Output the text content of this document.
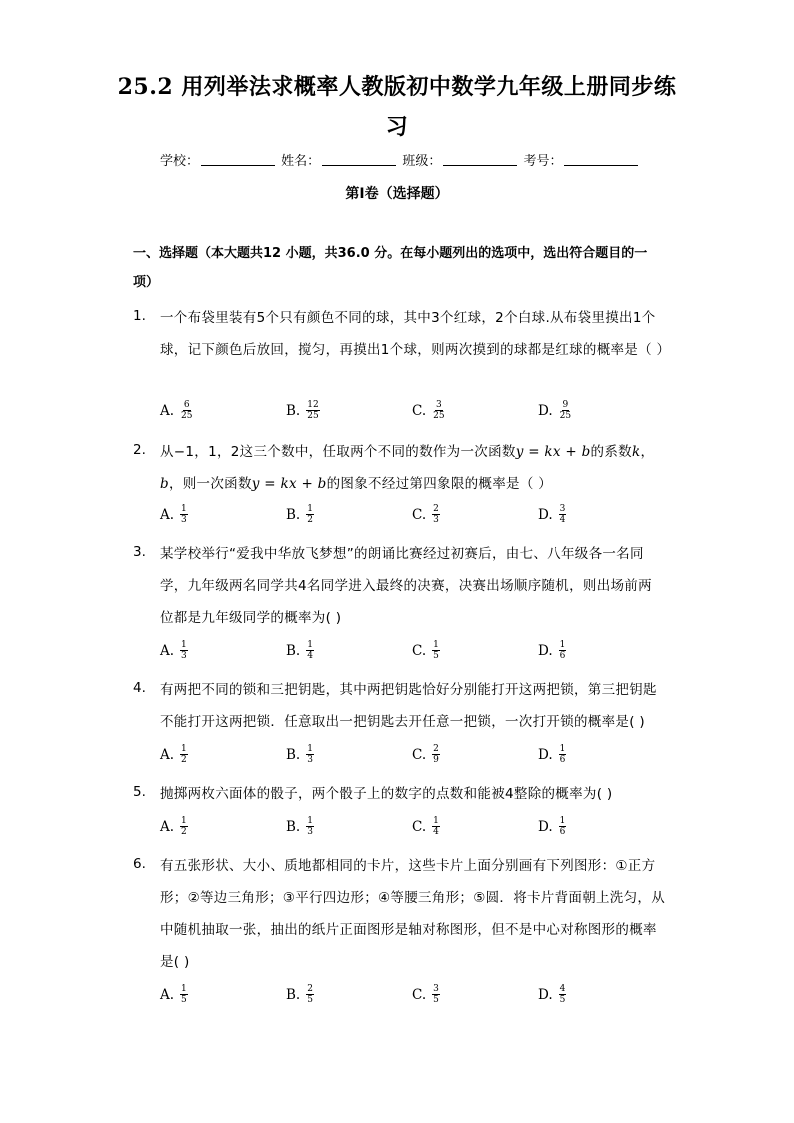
25.2 用列举法求概率人教版初中数学九年级上册同步练
习
学校：	姓名：	班级：	考号：
第I卷（选择题）
一、选择题（本大题共12 小题，共36.0 分。在每小题列出的选项中，选出符合题目的一项）
1. 一个布袋里装有5个只有颜色不同的球，其中3个红球，2个白球.从布袋里摸出1个球，记下颜色后放回，搅匀，再摸出1个球，则两次摸到的球都是红球的概率是（ ）
A. $\frac{6}{25}$	B. $\frac{12}{25}$	C. $\frac{3}{25}$	D. $\frac{9}{25}$
2. 从−1，1，2这三个数中，任取两个不同的数作为一次函数y = kx + b的系数k，b，则一次函数y = kx + b的图象不经过第四象限的概率是（ ）
A. $\frac{1}{3}$	B. $\frac{1}{2}$	C. $\frac{2}{3}$	D. $\frac{3}{4}$
3. 某学校举行“爱我中华放飞梦想”的朗诵比赛经过初赛后，由七、八年级各一名同学，九年级两名同学共4名同学进入最终的决赛，决赛出场顺序随机，则出场前两位都是九年级同学的概率为( )
A. $\frac{1}{3}$	B. $\frac{1}{4}$	C. $\frac{1}{5}$	D. $\frac{1}{6}$
4. 有两把不同的锁和三把钥匙，其中两把钥匙恰好分别能打开这两把锁，第三把钥匙不能打开这两把锁．任意取出一把钥匙去开任意一把锁，一次打开锁的概率是( )
A. $\frac{1}{2}$	B. $\frac{1}{3}$	C. $\frac{2}{9}$	D. $\frac{1}{6}$
5. 抛掷两枚六面体的骰子，两个骰子上的数字的点数和能被4整除的概率为( )
A. $\frac{1}{2}$	B. $\frac{1}{3}$	C. $\frac{1}{4}$	D. $\frac{1}{6}$
6. 有五张形状、大小、质地都相同的卡片，这些卡片上面分别画有下列图形：①正方形；②等边三角形；③平行四边形；④等腰三角形；⑤圆．将卡片背面朝上洗匀，从中随机抽取一张，抽出的纸片正面图形是轴对称图形，但不是中心对称图形的概率是( )
A. $\frac{1}{5}$	B. $\frac{2}{5}$	C. $\frac{3}{5}$	D. $\frac{4}{5}$
